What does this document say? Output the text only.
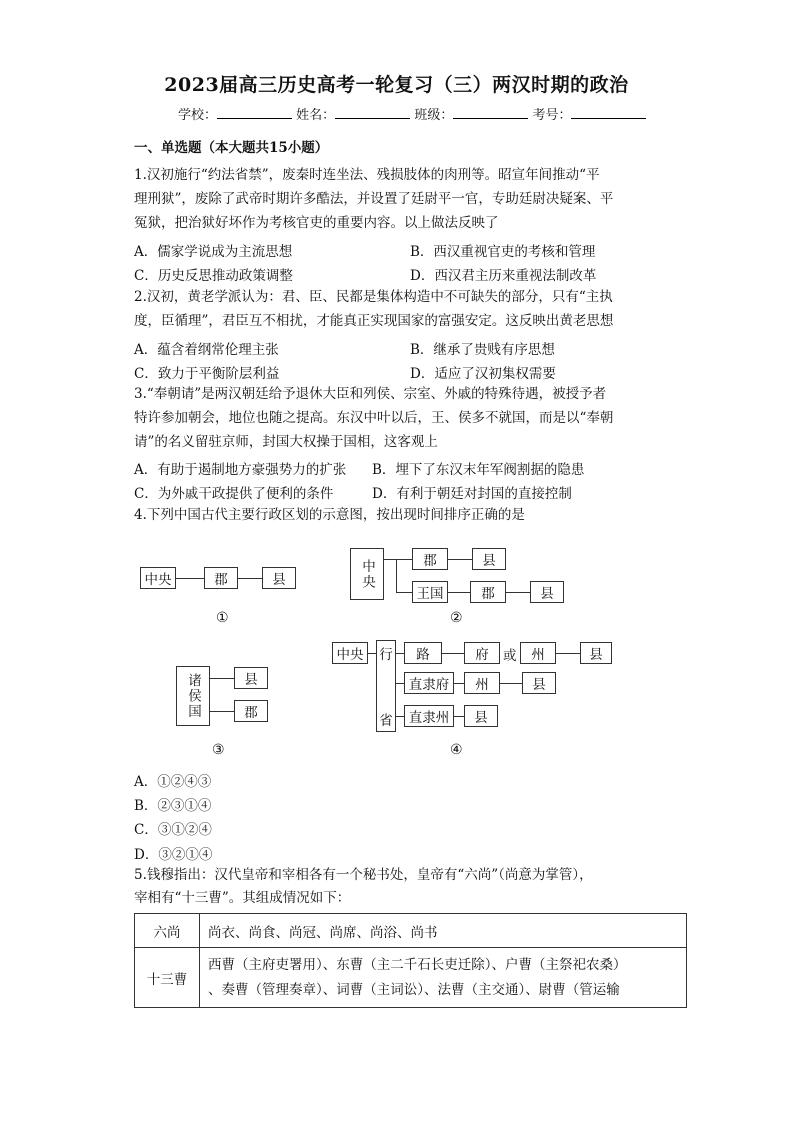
2023届高三历史高考一轮复习（三）两汉时期的政治
学校：	姓名：	班级：	考号：
一、单选题（本大题共15小题）
1.汉初施行“约法省禁”，废秦时连坐法、残损肢体的肉刑等。昭宣年间推动“平
理刑狱”，废除了武帝时期许多酷法，并设置了廷尉平一官，专助廷尉决疑案、平
冤狱，把治狱好坏作为考核官吏的重要内容。以上做法反映了
A．儒家学说成为主流思想	B．西汉重视官吏的考核和管理
C．历史反思推动政策调整	D．西汉君主历来重视法制改革
2.汉初，黄老学派认为：君、臣、民都是集体构造中不可缺失的部分，只有“主执
度，臣循理”，君臣互不相扰，才能真正实现国家的富强安定。这反映出黄老思想
A．蕴含着纲常伦理主张	B．继承了贵贱有序思想
C．致力于平衡阶层利益	D．适应了汉初集权需要
3.“奉朝请”是两汉朝廷给予退休大臣和列侯、宗室、外戚的特殊待遇，被授予者
特许参加朝会，地位也随之提高。东汉中叶以后，王、侯多不就国，而是以“奉朝
请”的名义留驻京师，封国大权操于国相，这客观上
A．有助于遏制地方豪强势力的扩张 B．埋下了东汉末年军阀割据的隐患
C．为外戚干政提供了便利的条件	D．有利于朝廷对封国的直接控制
4.下列中国古代主要行政区划的示意图，按出现时间排序正确的是
中央	郡	县
①
中央	郡	县
王国	郡	县
②
诸侯国	县
郡
③
中央	行
省
路	府	或	州	县
直隶府	州	县
直隶州	县
④
A．①②④③
B．②③①④
C．③①②④
D．③②①④
5.钱穆指出：汉代皇帝和宰相各有一个秘书处，皇帝有“六尚”（尚意为掌管），
宰相有“十三曹”。其组成情况如下：
六尚	尚衣、尚食、尚冠、尚席、尚浴、尚书
十三曹	西曹（主府吏署用）、东曹（主二千石长吏迁除）、户曹（主祭祀农桑）
、奏曹（管理奏章）、词曹（主词讼）、法曹（主交通）、尉曹（管运输
